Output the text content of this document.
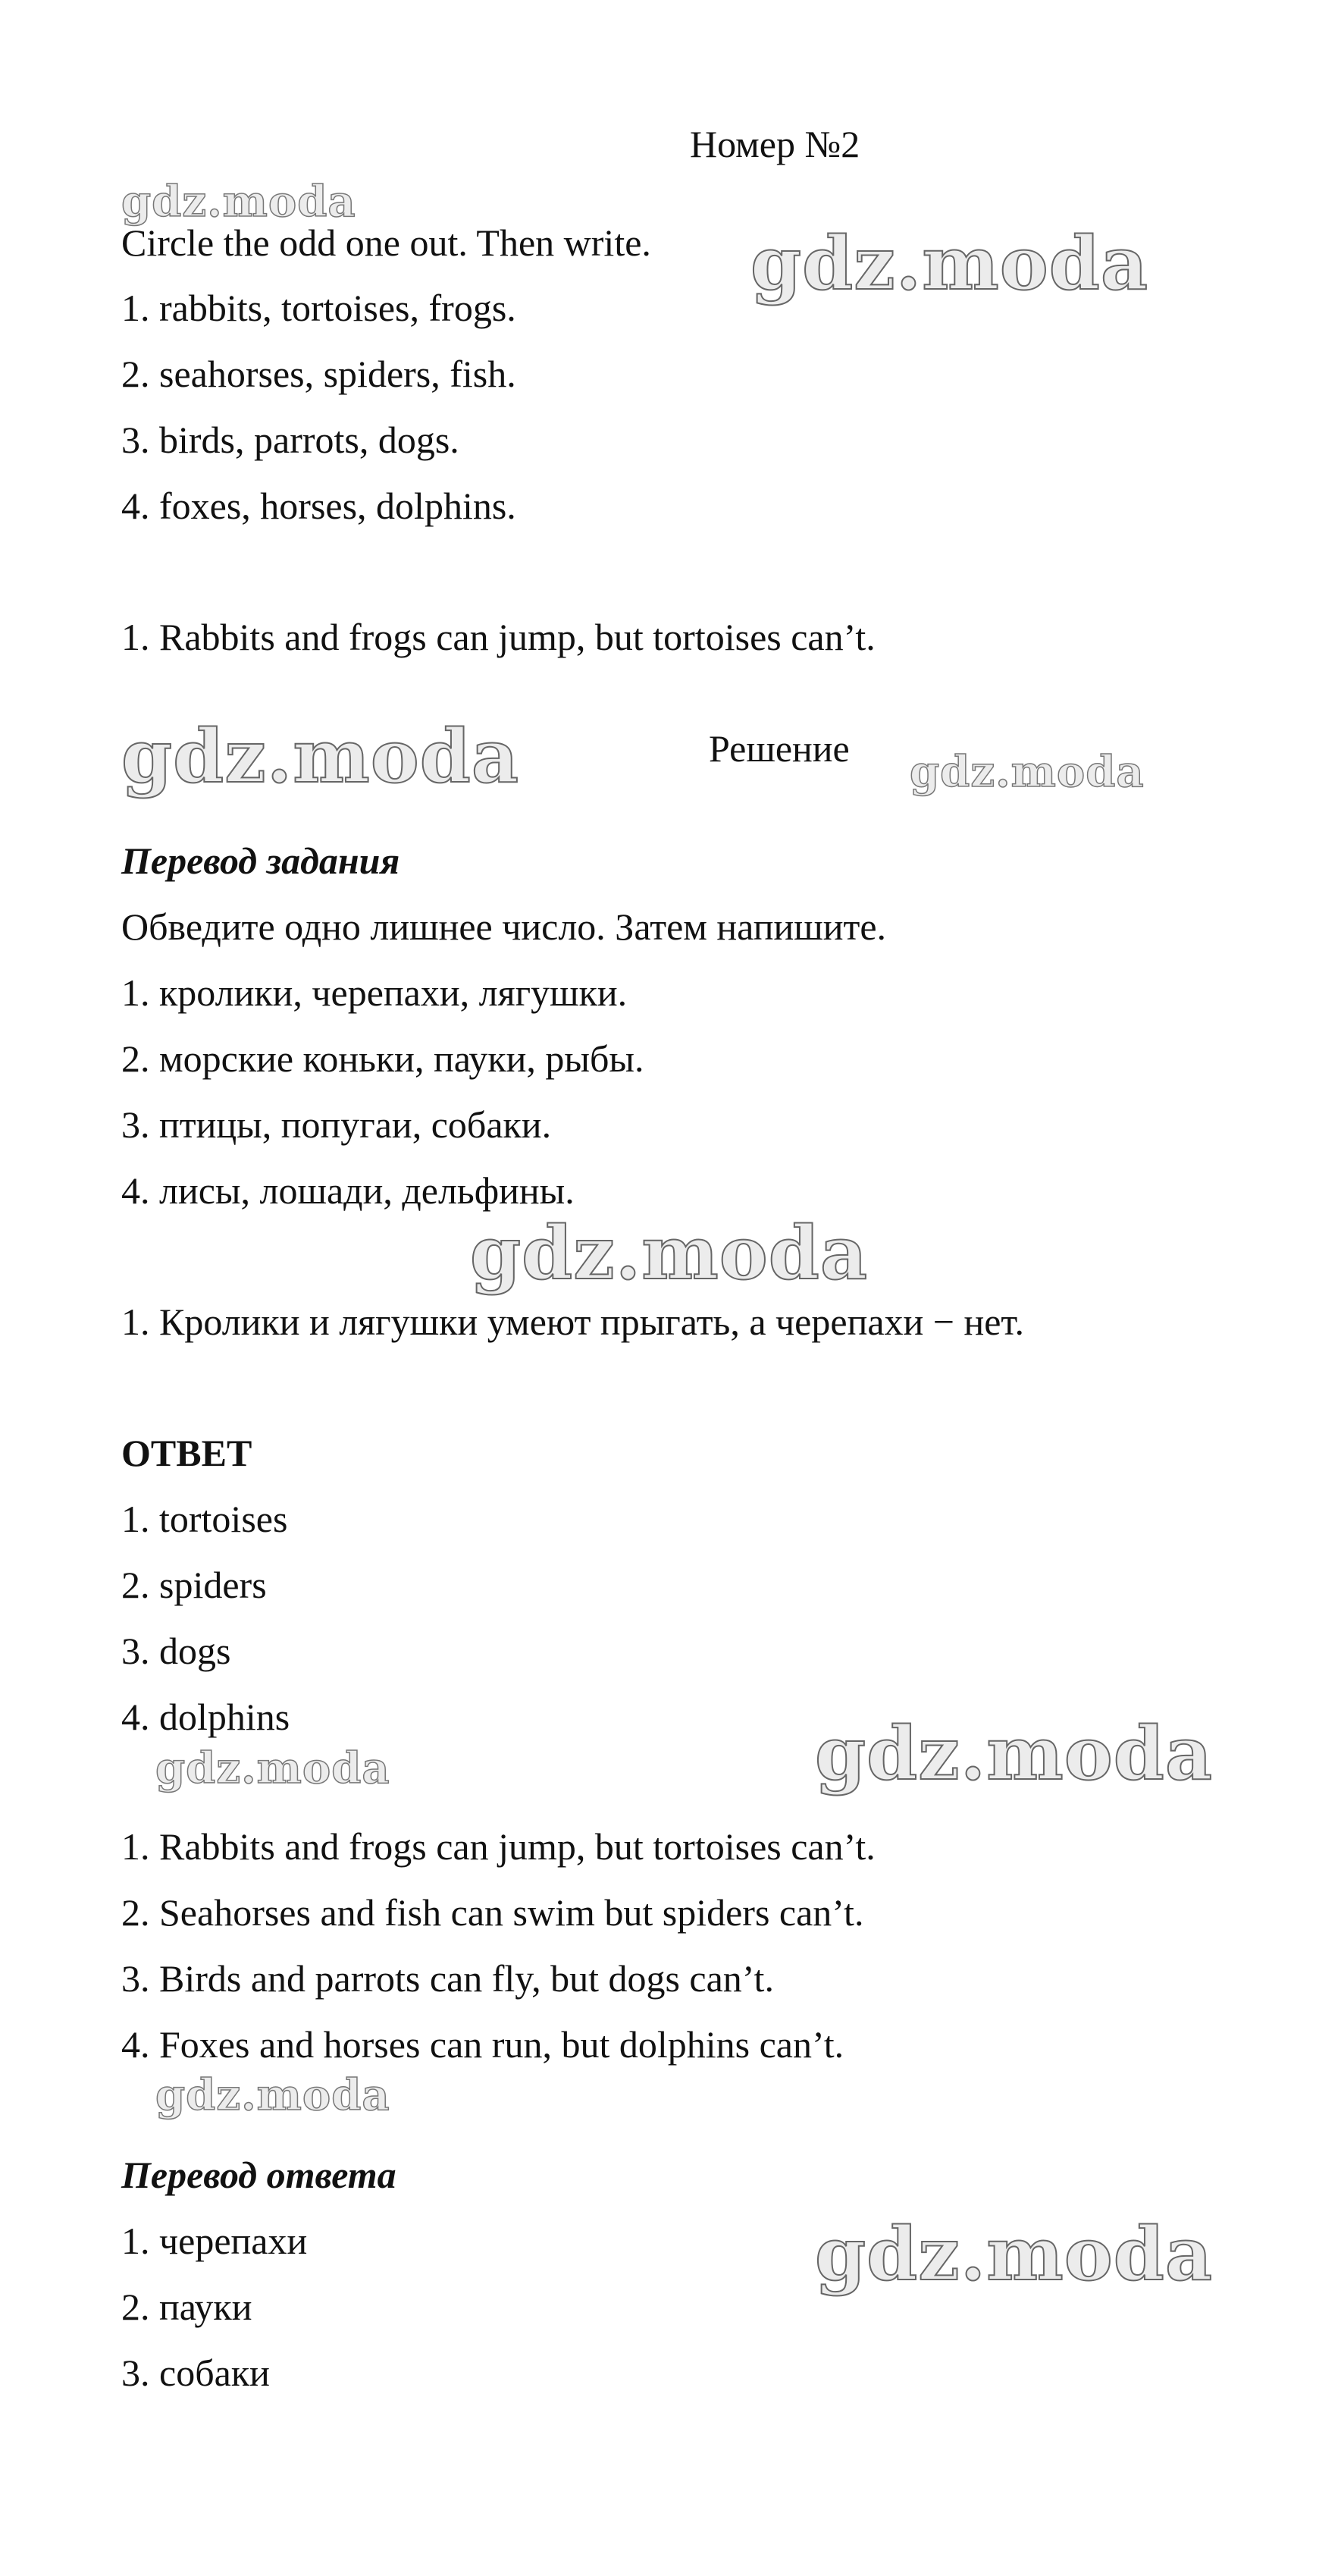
Номер №2

gdz.moda
gdz.moda
gdz.moda	gdz.moda
gdz.moda
gdz.moda
gdz.moda
gdz.moda
gdz.moda

Circle the odd one out. Then write.

1. rabbits, tortoises, frogs.

2. seahorses, spiders, fish.

3. birds, parrots, dogs.

4. foxes, horses, dolphins.

1. Rabbits and frogs can jump, but tortoises can’t.

Решение

Перевод задания

Обведите одно лишнее число. Затем напишите.

1. кролики, черепахи, лягушки.

2. морские коньки, пауки, рыбы.

3. птицы, попугаи, собаки.

4. лисы, лошади, дельфины.

1. Кролики и лягушки умеют прыгать, а черепахи − нет.

ОТВЕТ

1. tortoises

2. spiders

3. dogs

4. dolphins

1. Rabbits and frogs can jump, but tortoises can’t.

2. Seahorses and fish can swim but spiders can’t.

3. Birds and parrots can fly, but dogs can’t.

4. Foxes and horses can run, but dolphins can’t.

Перевод ответа

1. черепахи

2. пауки

3. собаки
